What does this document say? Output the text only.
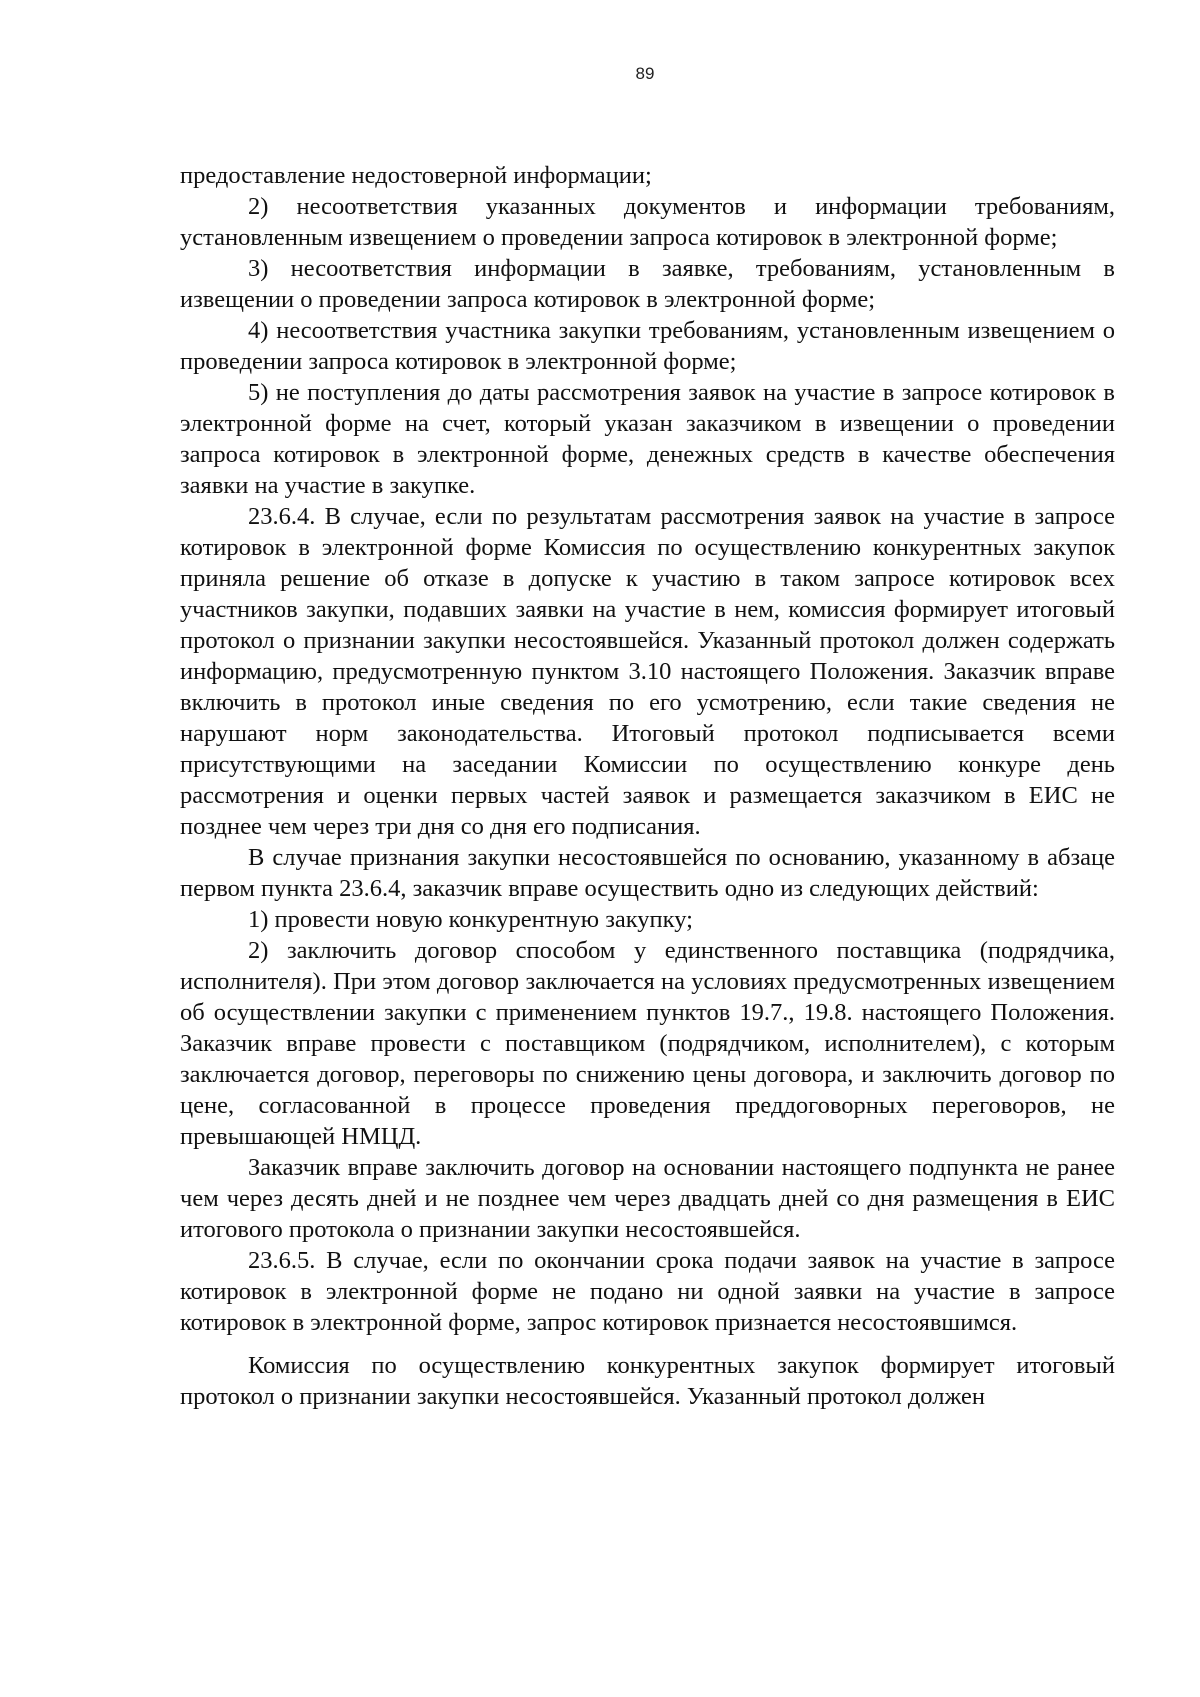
89

предоставление недостоверной информации;

2) несоответствия указанных документов и информации требованиям, установленным извещением о проведении запроса котировок в электронной форме;

3) несоответствия информации в заявке, требованиям, установленным в извещении о проведении запроса котировок в электронной форме;

4) несоответствия участника закупки требованиям, установленным извещением о проведении запроса котировок в электронной форме;

5) не поступления до даты рассмотрения заявок на участие в запросе котировок в электронной форме на счет, который указан заказчиком в извещении о проведении запроса котировок в электронной форме, денежных средств в качестве обеспечения заявки на участие в закупке.

23.6.4. В случае, если по результатам рассмотрения заявок на участие в запросе котировок в электронной форме Комиссия по осуществлению конкурентных закупок приняла решение об отказе в допуске к участию в таком запросе котировок всех участников закупки, подавших заявки на участие в нем, комиссия формирует итоговый протокол о признании закупки несостоявшейся. Указанный протокол должен содержать информацию, предусмотренную пунктом 3.10 настоящего Положения. Заказчик вправе включить в протокол иные сведения по его усмотрению, если такие сведения не нарушают норм законодательства. Итоговый протокол подписывается всеми присутствующими на заседании Комиссии по осуществлению конкуре день рассмотрения и оценки первых частей заявок и размещается заказчиком в ЕИС не позднее чем через три дня со дня его подписания.

В случае признания закупки несостоявшейся по основанию, указанному в абзаце первом пункта 23.6.4, заказчик вправе осуществить одно из следующих действий:

1) провести новую конкурентную закупку;

2) заключить договор способом у единственного поставщика (подрядчика, исполнителя). При этом договор заключается на условиях предусмотренных извещением об осуществлении закупки с применением пунктов 19.7., 19.8. настоящего Положения. Заказчик вправе провести с поставщиком (подрядчиком, исполнителем), с которым заключается договор, переговоры по снижению цены договора, и заключить договор по цене, согласованной в процессе проведения преддоговорных переговоров, не превышающей НМЦД.

Заказчик вправе заключить договор на основании настоящего подпункта не ранее чем через десять дней и не позднее чем через двадцать дней со дня размещения в ЕИС итогового протокола о признании закупки несостоявшейся.

23.6.5. В случае, если по окончании срока подачи заявок на участие в запросе котировок в электронной форме не подано ни одной заявки на участие в запросе котировок в электронной форме, запрос котировок признается несостоявшимся.

Комиссия по осуществлению конкурентных закупок формирует итоговый протокол о признании закупки несостоявшейся. Указанный протокол должен
